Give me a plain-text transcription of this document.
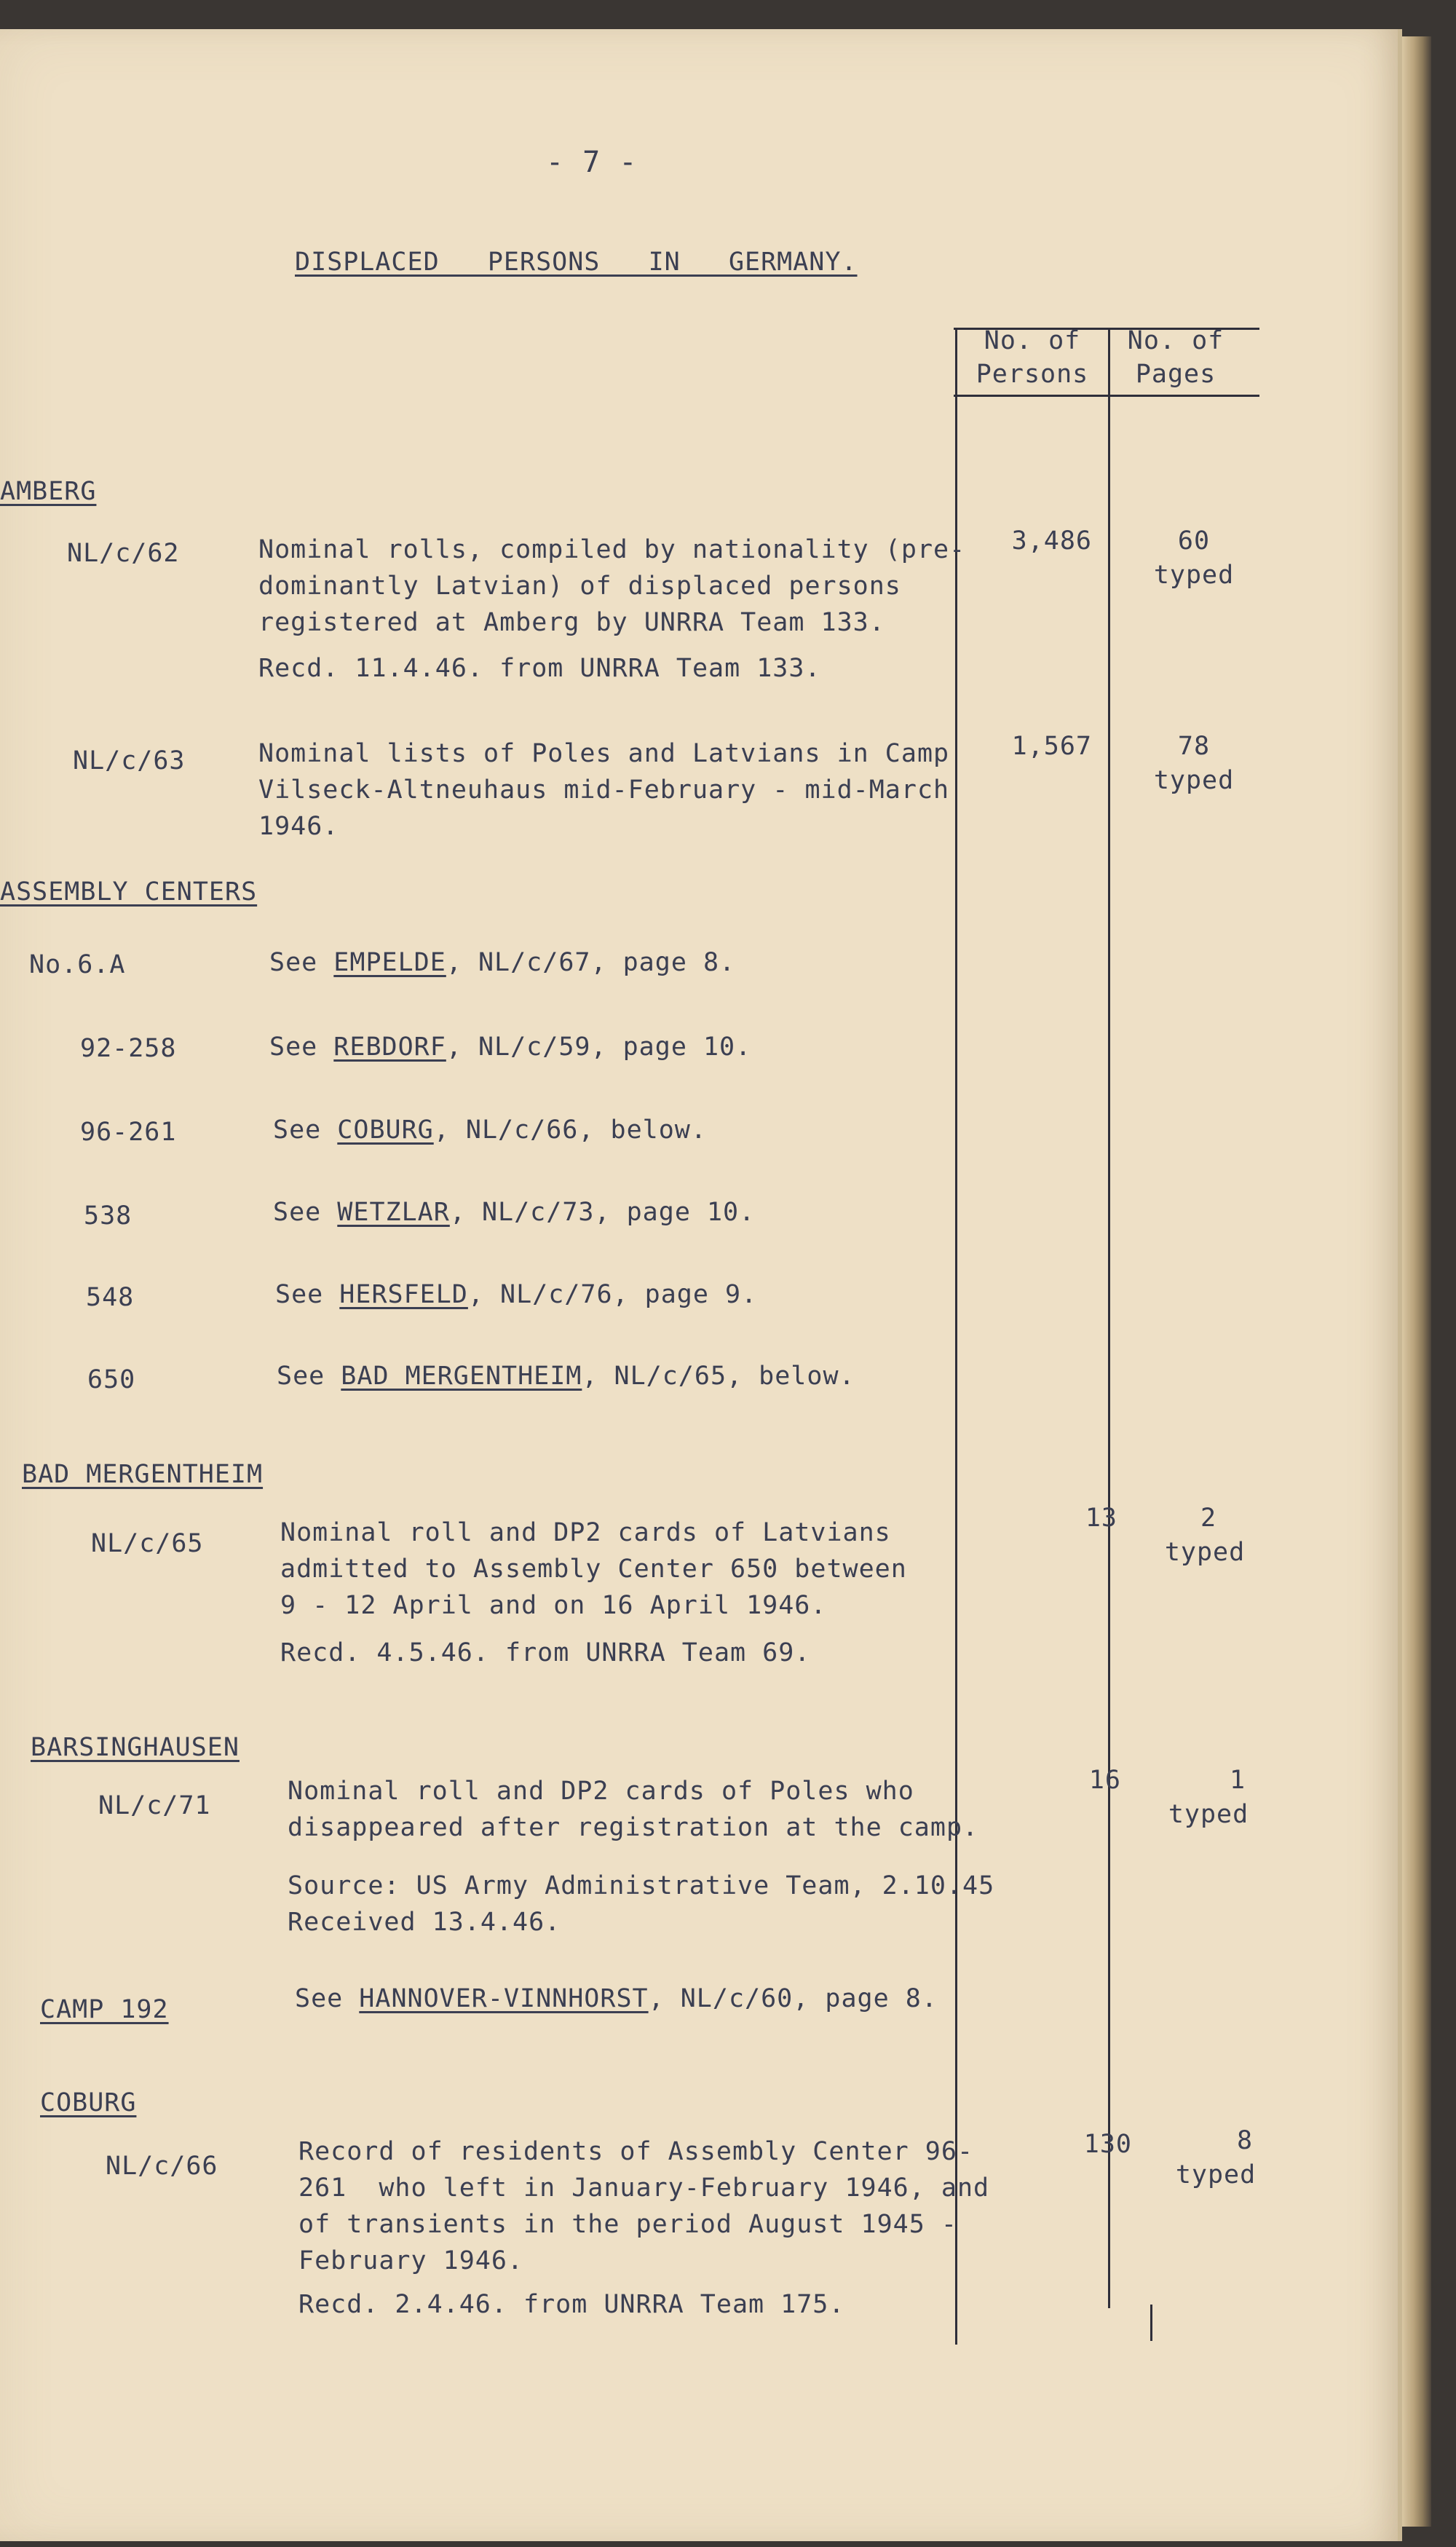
- 7 -
DISPLACED   PERSONS   IN   GERMANY.
No. of
Persons
No. of
Pages
AMBERG
NL/c/62	Nominal rolls, compiled by nationality (pre-
dominantly Latvian) of displaced persons
registered at Amberg by UNRRA Team 133.
Recd. 11.4.46. from UNRRA Team 133.
3,486	60
typed
NL/c/63	Nominal lists of Poles and Latvians in Camp
Vilseck-Altneuhaus mid-February - mid-March
1946.
1,567	78
typed
ASSEMBLY CENTERS
No.6.A	See EMPELDE, NL/c/67, page 8.
92-258	See REBDORF, NL/c/59, page 10.
96-261	See COBURG, NL/c/66, below.
538	See WETZLAR, NL/c/73, page 10.
548	See HERSFELD, NL/c/76, page 9.
650	See BAD MERGENTHEIM, NL/c/65, below.
BAD MERGENTHEIM
NL/c/65	Nominal roll and DP2 cards of Latvians
admitted to Assembly Center 650 between
9 - 12 April and on 16 April 1946.
Recd. 4.5.46. from UNRRA Team 69.
13	2
typed
BARSINGHAUSEN
NL/c/71	Nominal roll and DP2 cards of Poles who
disappeared after registration at the camp.
Source: US Army Administrative Team, 2.10.45
Received 13.4.46.
16	1
typed
CAMP 192	See HANNOVER-VINNHORST, NL/c/60, page 8.
COBURG
NL/c/66	Record of residents of Assembly Center 96-
261  who left in January-February 1946, and
of transients in the period August 1945 -
February 1946.
Recd. 2.4.46. from UNRRA Team 175.
130	8
typed
